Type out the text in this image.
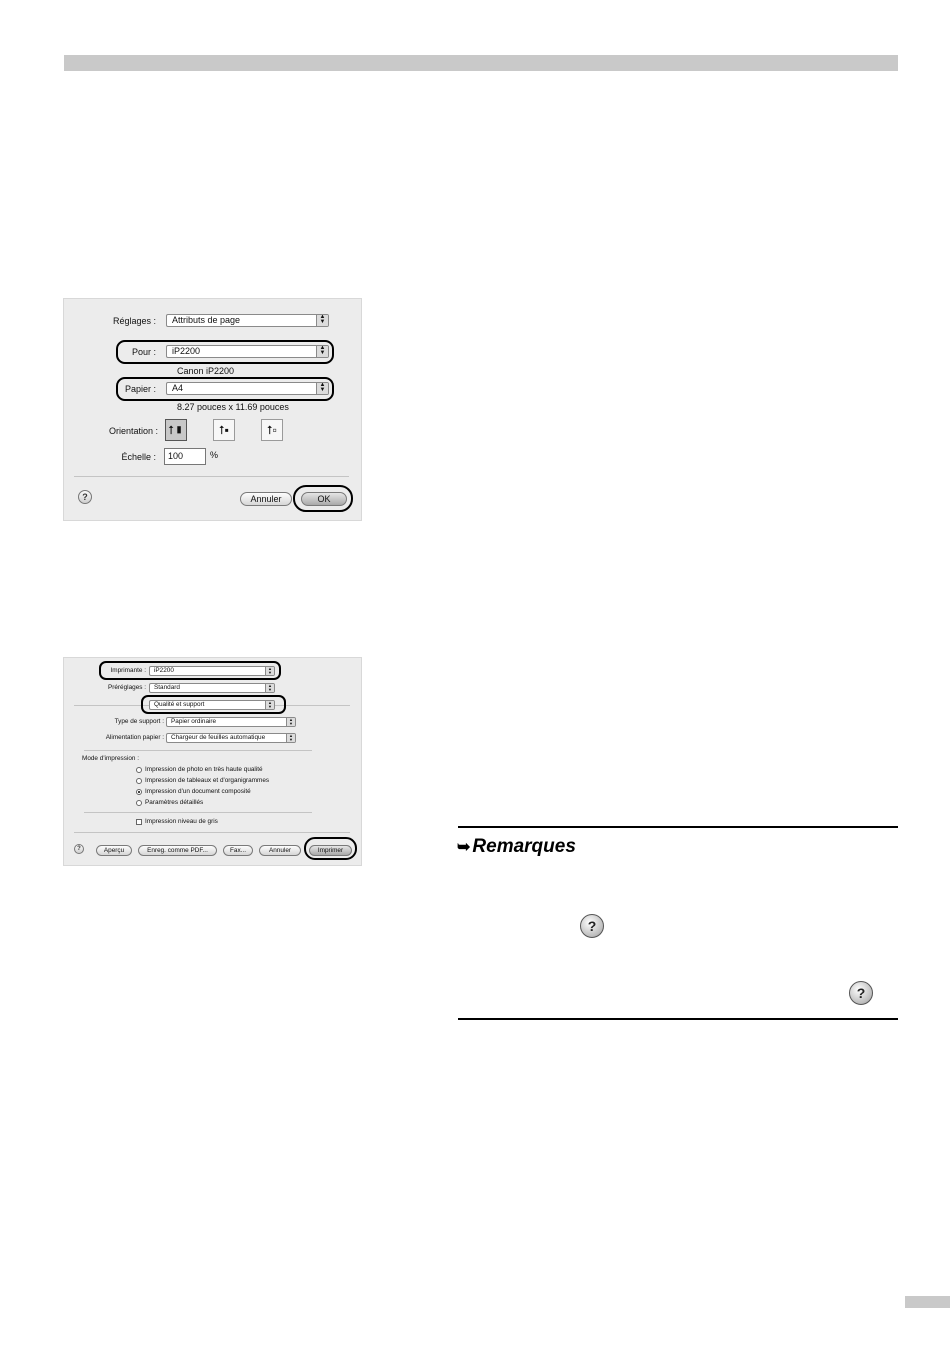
Réglages :	Attributs de page	▲
▼
Pour :	iP2200	▲
▼
Canon iP2200
Papier :	A4	▲
▼
8.27 pouces x 11.69 pouces
Orientation : ⭡▮	⭡▪	⭡▫
Échelle :	100	%
?	Annuler	OK
Imprimante :	iP2200	▲
▼
Préréglages :	Standard	▲
▼
Qualité et support	▲
▼
Type de support :	Papier ordinaire	▲
▼
Alimentation papier :	Chargeur de feuilles automatique	▲
▼
Mode d'impression :
Impression de photo en très haute qualité
Impression de tableaux et d'organigrammes
Impression d'un document composité
Paramètres détaillés
Impression niveau de gris
?	Aperçu	Enreg. comme PDF...	Fax...	Annuler	Imprimer	➥ Remarques
?
?
